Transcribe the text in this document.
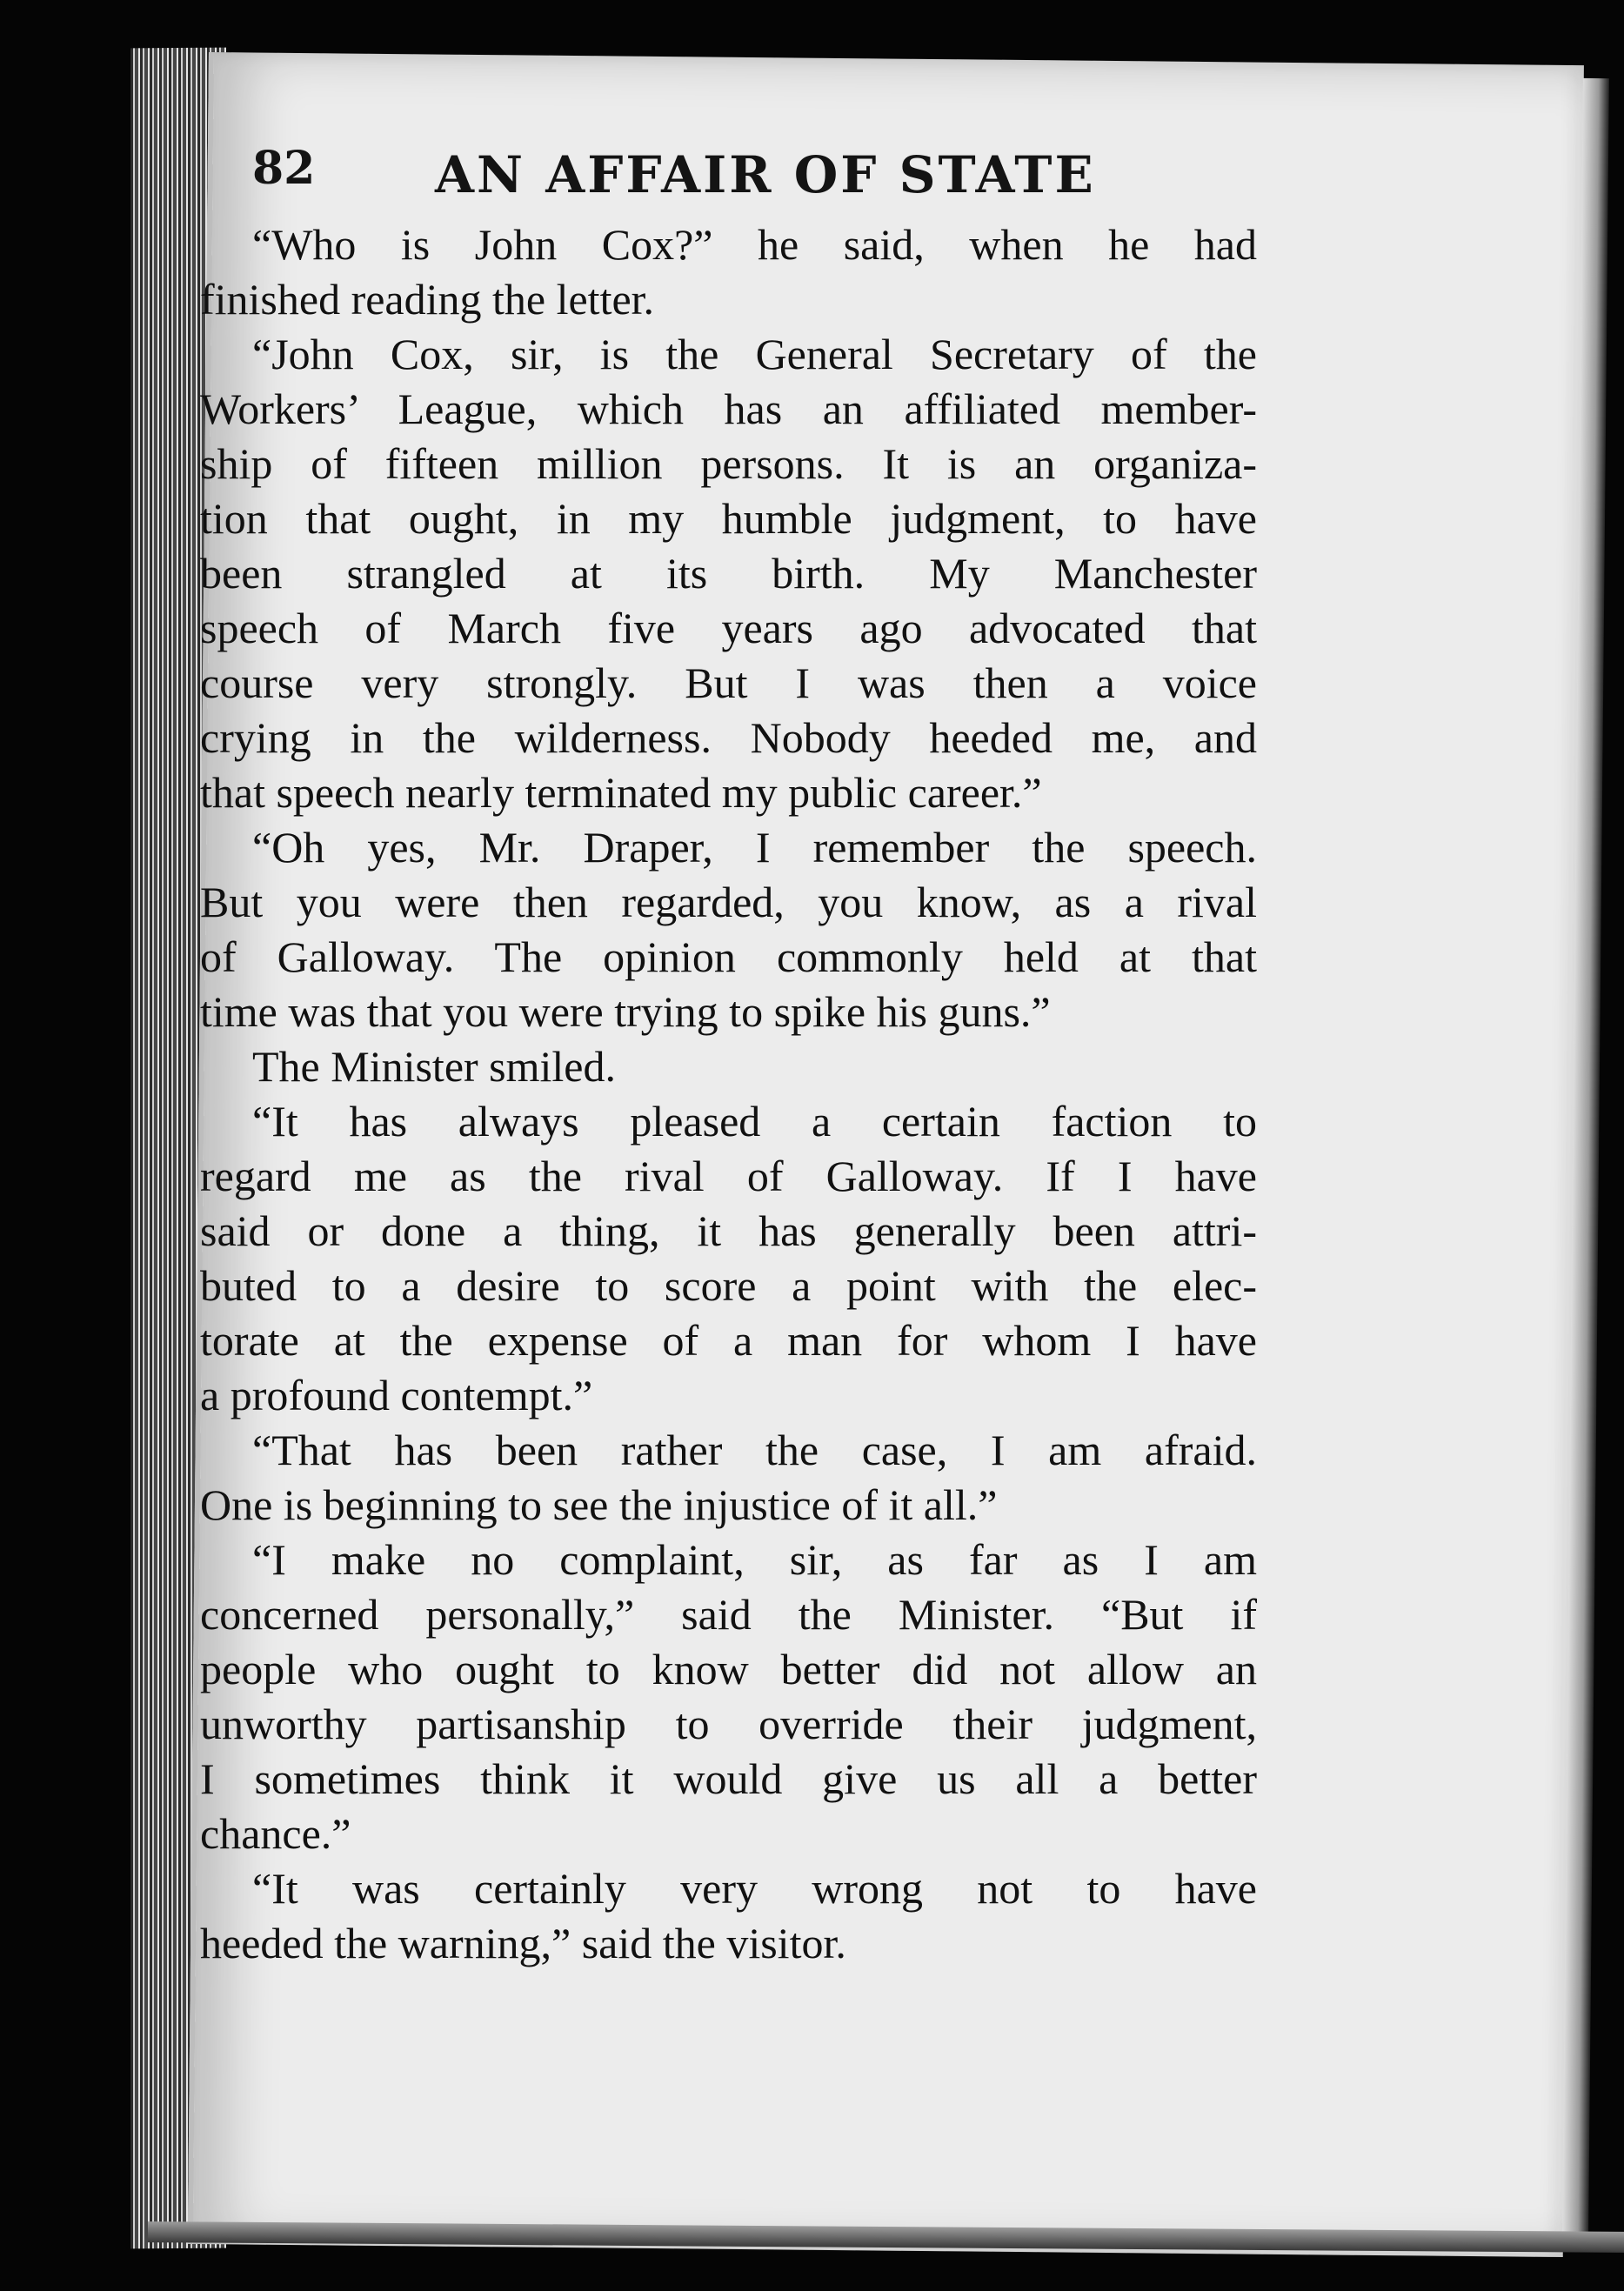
82 AN AFFAIR OF STATE
“Who is John Cox?” he said, when he had
finished reading the letter.
“John Cox, sir, is the General Secretary of the
Workers’ League, which has an affiliated member-
ship of fifteen million persons. It is an organiza-
tion that ought, in my humble judgment, to have
been strangled at its birth. My Manchester
speech of March five years ago advocated that
course very strongly. But I was then a voice
crying in the wilderness. Nobody heeded me, and
that speech nearly terminated my public career.”
“Oh yes, Mr. Draper, I remember the speech.
But you were then regarded, you know, as a rival
of Galloway. The opinion commonly held at that
time was that you were trying to spike his guns.”
The Minister smiled.
“It has always pleased a certain faction to
regard me as the rival of Galloway. If I have
said or done a thing, it has generally been attri-
buted to a desire to score a point with the elec-
torate at the expense of a man for whom I have
a profound contempt.”
“That has been rather the case, I am afraid.
One is beginning to see the injustice of it all.”
“I make no complaint, sir, as far as I am
concerned personally,” said the Minister. “But if
people who ought to know better did not allow an
unworthy partisanship to override their judgment,
I sometimes think it would give us all a better
chance.”
“It was certainly very wrong not to have
heeded the warning,” said the visitor.
